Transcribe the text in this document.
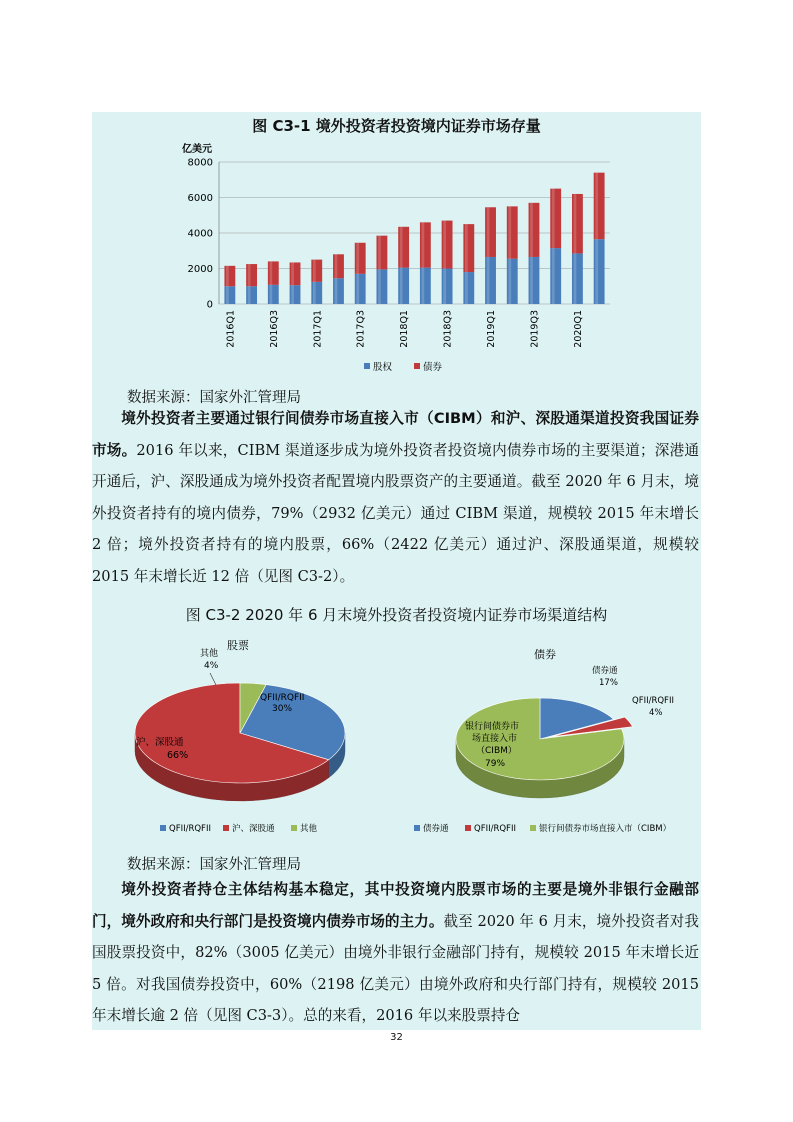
图 C3-1 境外投资者投资境内证券市场存量
亿美元
0
2000
4000
6000
8000
2016Q1	2016Q3	2017Q1	2017Q3	2018Q1	2018Q3	2019Q1	2019Q3	2020Q1
股权	债券
数据来源：国家外汇管理局
境外投资者主要通过银行间债券市场直接入市（CIBM）和沪、深股通渠道投资我国证券市场。2016 年以来，CIBM 渠道逐步成为境外投资者投资境内债券市场的主要渠道；深港通开通后，沪、深股通成为境外投资者配置境内股票资产的主要通道。截至 2020 年 6 月末，境外投资者持有的境内债券，79%（2932 亿美元）通过 CIBM 渠道，规模较 2015 年末增长 2 倍；境外投资者持有的境内股票，66%（2422 亿美元）通过沪、深股通渠道，规模较 2015 年末增长近 12 倍（见图 C3-2）。
图 C3-2 2020 年 6 月末境外投资者投资境内证券市场渠道结构
股票
其他
4%
QFII/RQFII
30%
沪、深股通
66%
债券
债券通
17%
QFII/RQFII
4%
银行间债券市
场直接入市
（CIBM）
79%
QFII/RQFII 沪、深股通	其他	债券通	QFII/RQFII	银行间债券市场直接入市（CIBM）
数据来源：国家外汇管理局
境外投资者持仓主体结构基本稳定，其中投资境内股票市场的主要是境外非银行金融部门，境外政府和央行部门是投资境内债券市场的主力。截至 2020 年 6 月末，境外投资者对我国股票投资中，82%（3005 亿美元）由境外非银行金融部门持有，规模较 2015 年末增长近 5 倍。对我国债券投资中，60%（2198 亿美元）由境外政府和央行部门持有，规模较 2015 年末增长逾 2 倍（见图 C3-3）。总的来看，2016 年以来股票持仓
32
